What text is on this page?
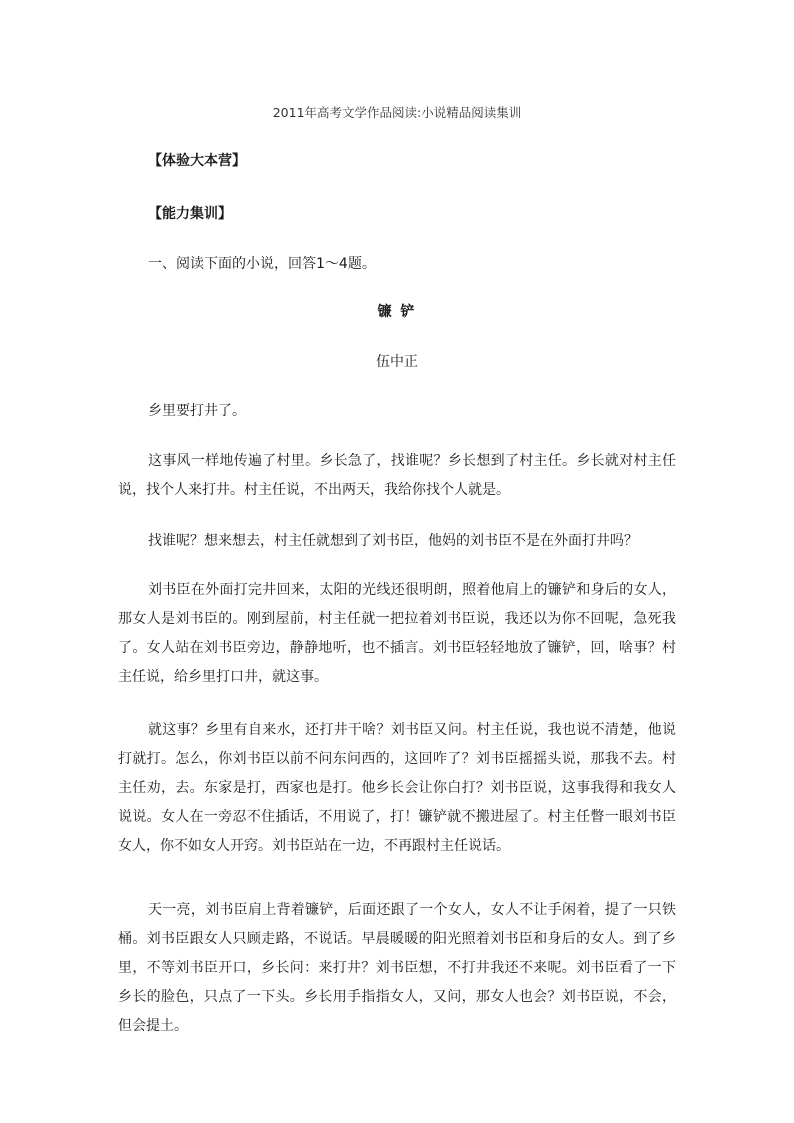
2011年高考文学作品阅读:小说精品阅读集训
【体验大本营】
【能力集训】
一、阅读下面的小说，回答1～4题。
镰 铲
伍中正

乡里要打井了。

这事风一样地传遍了村里。乡长急了，找谁呢？乡长想到了村主任。乡长就对村主任说，找个人来打井。村主任说，不出两天，我给你找个人就是。

找谁呢？想来想去，村主任就想到了刘书臣，他妈的刘书臣不是在外面打井吗？

刘书臣在外面打完井回来，太阳的光线还很明朗，照着他肩上的镰铲和身后的女人，那女人是刘书臣的。刚到屋前，村主任就一把拉着刘书臣说，我还以为你不回呢，急死我了。女人站在刘书臣旁边，静静地听，也不插言。刘书臣轻轻地放了镰铲，回，啥事？村主任说，给乡里打口井，就这事。

就这事？乡里有自来水，还打井干啥？刘书臣又问。村主任说，我也说不清楚，他说打就打。怎么，你刘书臣以前不问东问西的，这回咋了？刘书臣摇摇头说，那我不去。村主任劝，去。东家是打，西家也是打。他乡长会让你白打？刘书臣说，这事我得和我女人说说。女人在一旁忍不住插话，不用说了，打！镰铲就不搬进屋了。村主任瞥一眼刘书臣女人，你不如女人开窍。刘书臣站在一边，不再跟村主任说话。

天一亮，刘书臣肩上背着镰铲，后面还跟了一个女人，女人不让手闲着，提了一只铁桶。刘书臣跟女人只顾走路，不说话。早晨暖暖的阳光照着刘书臣和身后的女人。到了乡里，不等刘书臣开口，乡长问：来打井？刘书臣想，不打井我还不来呢。刘书臣看了一下乡长的脸色，只点了一下头。乡长用手指指女人，又问，那女人也会？刘书臣说，不会，但会提土。
